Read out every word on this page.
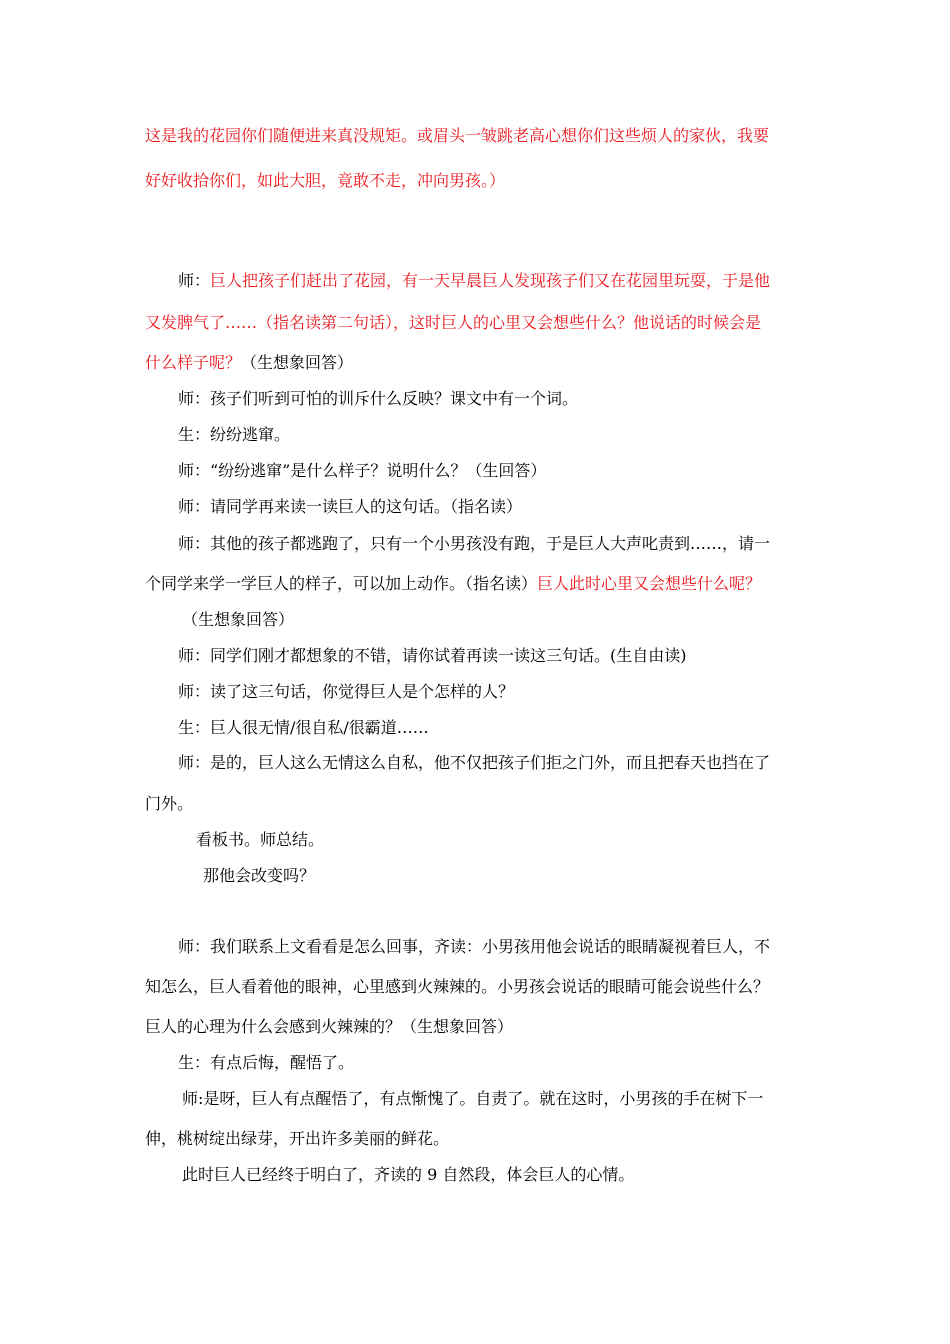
这是我的花园你们随便进来真没规矩。或眉头一皱跳老高心想你们这些烦人的家伙，我要
好好收拾你们，如此大胆，竟敢不走，冲向男孩。）
师：巨人把孩子们赶出了花园，有一天早晨巨人发现孩子们又在花园里玩耍，于是他
又发脾气了……（指名读第二句话），这时巨人的心里又会想些什么？他说话的时候会是
什么样子呢？（生想象回答）
师：孩子们听到可怕的训斥什么反映？课文中有一个词。
生：纷纷逃窜。
师：“纷纷逃窜”是什么样子？说明什么？（生回答）
师：请同学再来读一读巨人的这句话。（指名读）
师：其他的孩子都逃跑了，只有一个小男孩没有跑，于是巨人大声叱责到……，请一
个同学来学一学巨人的样子，可以加上动作。（指名读）巨人此时心里又会想些什么呢？
（生想象回答）
师：同学们刚才都想象的不错，请你试着再读一读这三句话。(生自由读)
师：读了这三句话，你觉得巨人是个怎样的人？
生：巨人很无情/很自私/很霸道……
师：是的，巨人这么无情这么自私，他不仅把孩子们拒之门外，而且把春天也挡在了
门外。
看板书。师总结。
那他会改变吗？
师：我们联系上文看看是怎么回事，齐读：小男孩用他会说话的眼睛凝视着巨人，不
知怎么，巨人看着他的眼神，心里感到火辣辣的。小男孩会说话的眼睛可能会说些什么？
巨人的心理为什么会感到火辣辣的？（生想象回答）
生：有点后悔，醒悟了。
师:是呀，巨人有点醒悟了，有点惭愧了。自责了。就在这时，小男孩的手在树下一
伸，桃树绽出绿芽，开出许多美丽的鲜花。
此时巨人已经终于明白了，齐读的 9 自然段，体会巨人的心情。
